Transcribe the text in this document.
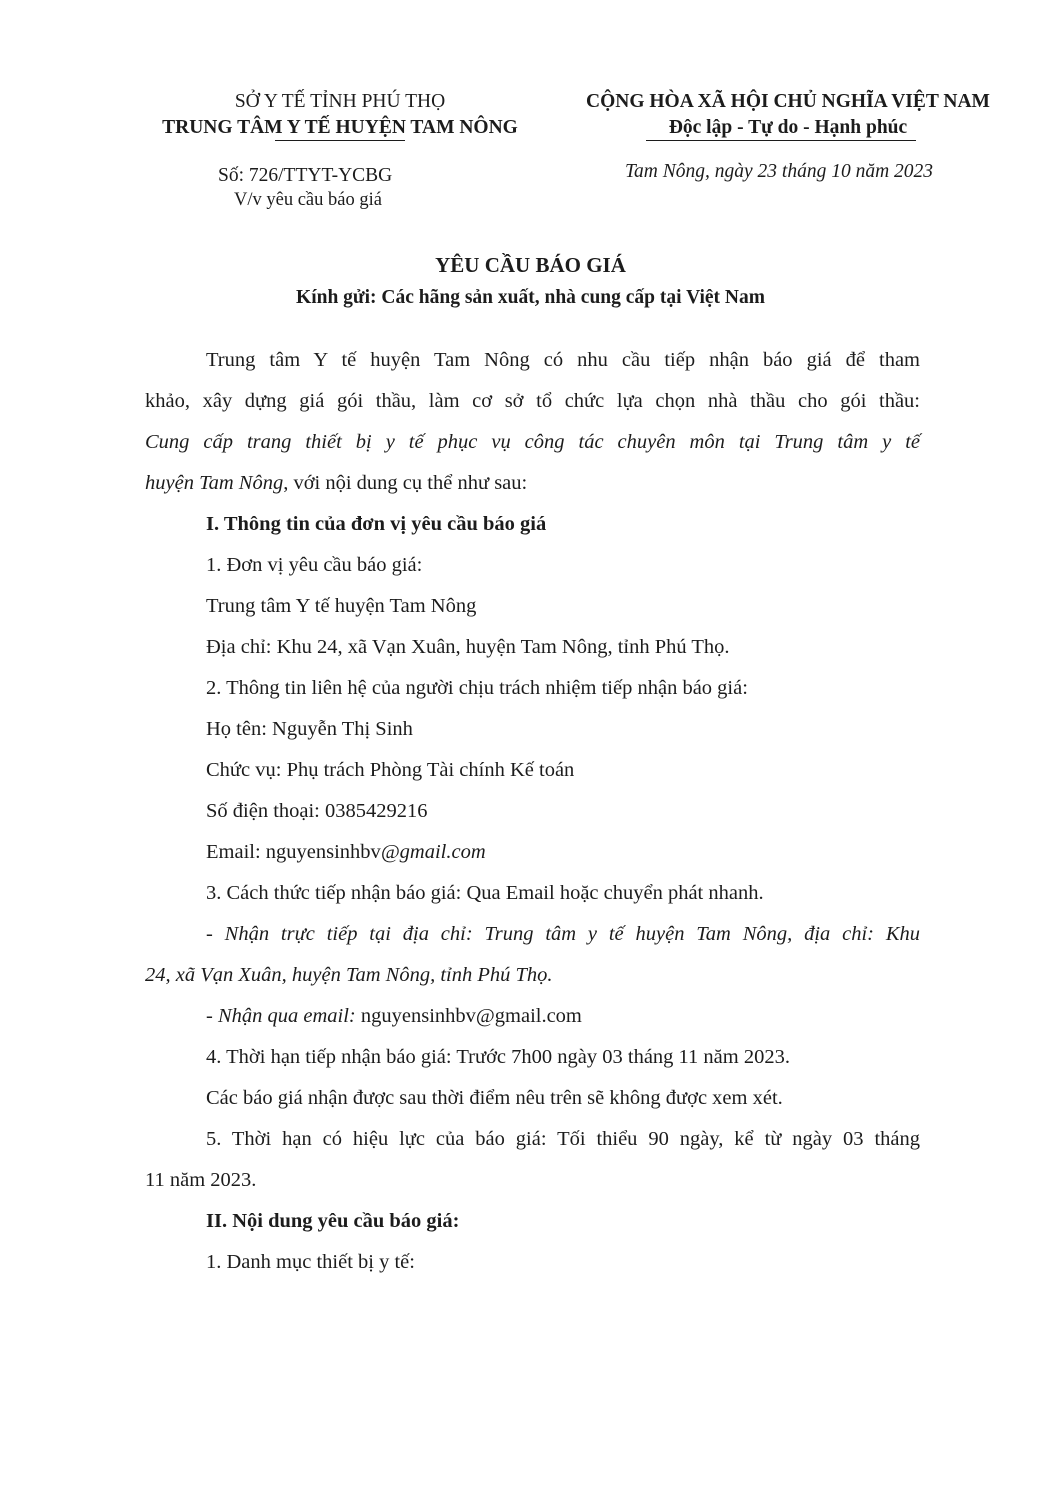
SỞ Y TẾ TỈNH PHÚ THỌ
TRUNG TÂM Y TẾ HUYỆN TAM NÔNG
CỘNG HÒA XÃ HỘI CHỦ NGHĨA VIỆT NAM
Độc lập - Tự do - Hạnh phúc
Số: 726/TTYT-YCBG
V/v yêu cầu báo giá
Tam Nông, ngày 23 tháng 10 năm 2023
YÊU CẦU BÁO GIÁ
Kính gửi: Các hãng sản xuất, nhà cung cấp tại Việt Nam
Trung tâm Y tế huyện Tam Nông có nhu cầu tiếp nhận báo giá để tham
khảo, xây dựng giá gói thầu, làm cơ sở tổ chức lựa chọn nhà thầu cho gói thầu:
Cung cấp trang thiết bị y tế phục vụ công tác chuyên môn tại Trung tâm y tế
huyện Tam Nông, với nội dung cụ thể như sau:
I. Thông tin của đơn vị yêu cầu báo giá
1. Đơn vị yêu cầu báo giá:
Trung tâm Y tế huyện Tam Nông
Địa chỉ: Khu 24, xã Vạn Xuân, huyện Tam Nông, tỉnh Phú Thọ.
2. Thông tin liên hệ của người chịu trách nhiệm tiếp nhận báo giá:
Họ tên: Nguyễn Thị Sinh
Chức vụ: Phụ trách Phòng Tài chính Kế toán
Số điện thoại: 0385429216
Email: nguyensinhbv@gmail.com
3. Cách thức tiếp nhận báo giá: Qua Email hoặc chuyển phát nhanh.
- Nhận trực tiếp tại địa chỉ: Trung tâm y tế huyện Tam Nông, địa chỉ: Khu
24, xã Vạn Xuân, huyện Tam Nông, tỉnh Phú Thọ.
- Nhận qua email: nguyensinhbv@gmail.com
4. Thời hạn tiếp nhận báo giá: Trước 7h00 ngày 03 tháng 11 năm 2023.
Các báo giá nhận được sau thời điểm nêu trên sẽ không được xem xét.
5. Thời hạn có hiệu lực của báo giá: Tối thiểu 90 ngày, kể từ ngày 03 tháng
11 năm 2023.
II. Nội dung yêu cầu báo giá:
1. Danh mục thiết bị y tế:
